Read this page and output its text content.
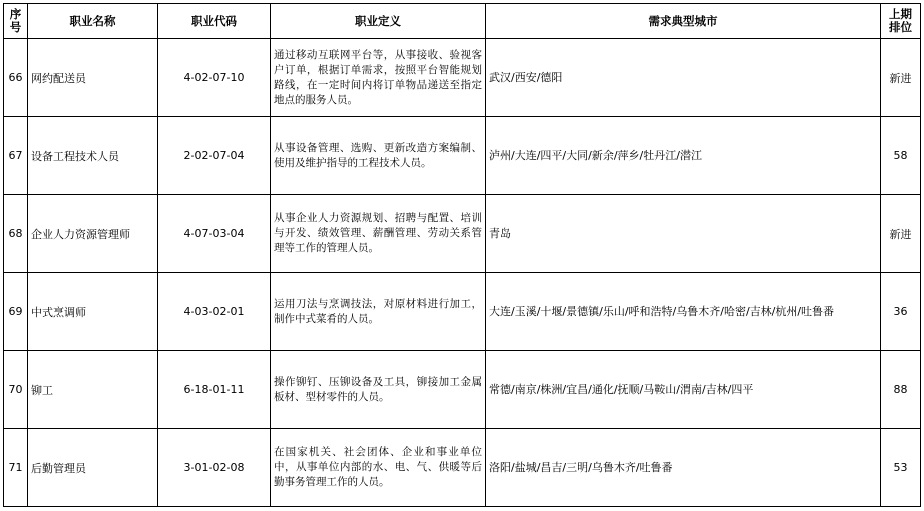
序号	职业名称	职业代码	职业定义	需求典型城市	上期排位
66	网约配送员	4-02-07-10	通过移动互联网平台等，从事接收、验视客户订单，根据订单需求，按照平台智能规划路线，在一定时间内将订单物品递送至指定地点的服务人员。	武汉/西安/德阳	新进
67	设备工程技术人员	2-02-07-04	从事设备管理、选购、更新改造方案编制、使用及维护指导的工程技术人员。	泸州/大连/四平/大同/新余/萍乡/牡丹江/潜江	58
68	企业人力资源管理师	4-07-03-04	从事企业人力资源规划、招聘与配置、培训与开发、绩效管理、薪酬管理、劳动关系管理等工作的管理人员。	青岛	新进
69	中式烹调师	4-03-02-01	运用刀法与烹调技法，对原材料进行加工，制作中式菜肴的人员。	大连/玉溪/十堰/景德镇/乐山/呼和浩特/乌鲁木齐/哈密/吉林/杭州/吐鲁番	36
70	铆工	6-18-01-11	操作铆钉、压铆设备及工具，铆接加工金属板材、型材零件的人员。	常德/南京/株洲/宜昌/通化/抚顺/马鞍山/渭南/吉林/四平	88
71	后勤管理员	3-01-02-08	在国家机关、社会团体、企业和事业单位中，从事单位内部的水、电、气、供暖等后勤事务管理工作的人员。	洛阳/盐城/昌吉/三明/乌鲁木齐/吐鲁番	53
